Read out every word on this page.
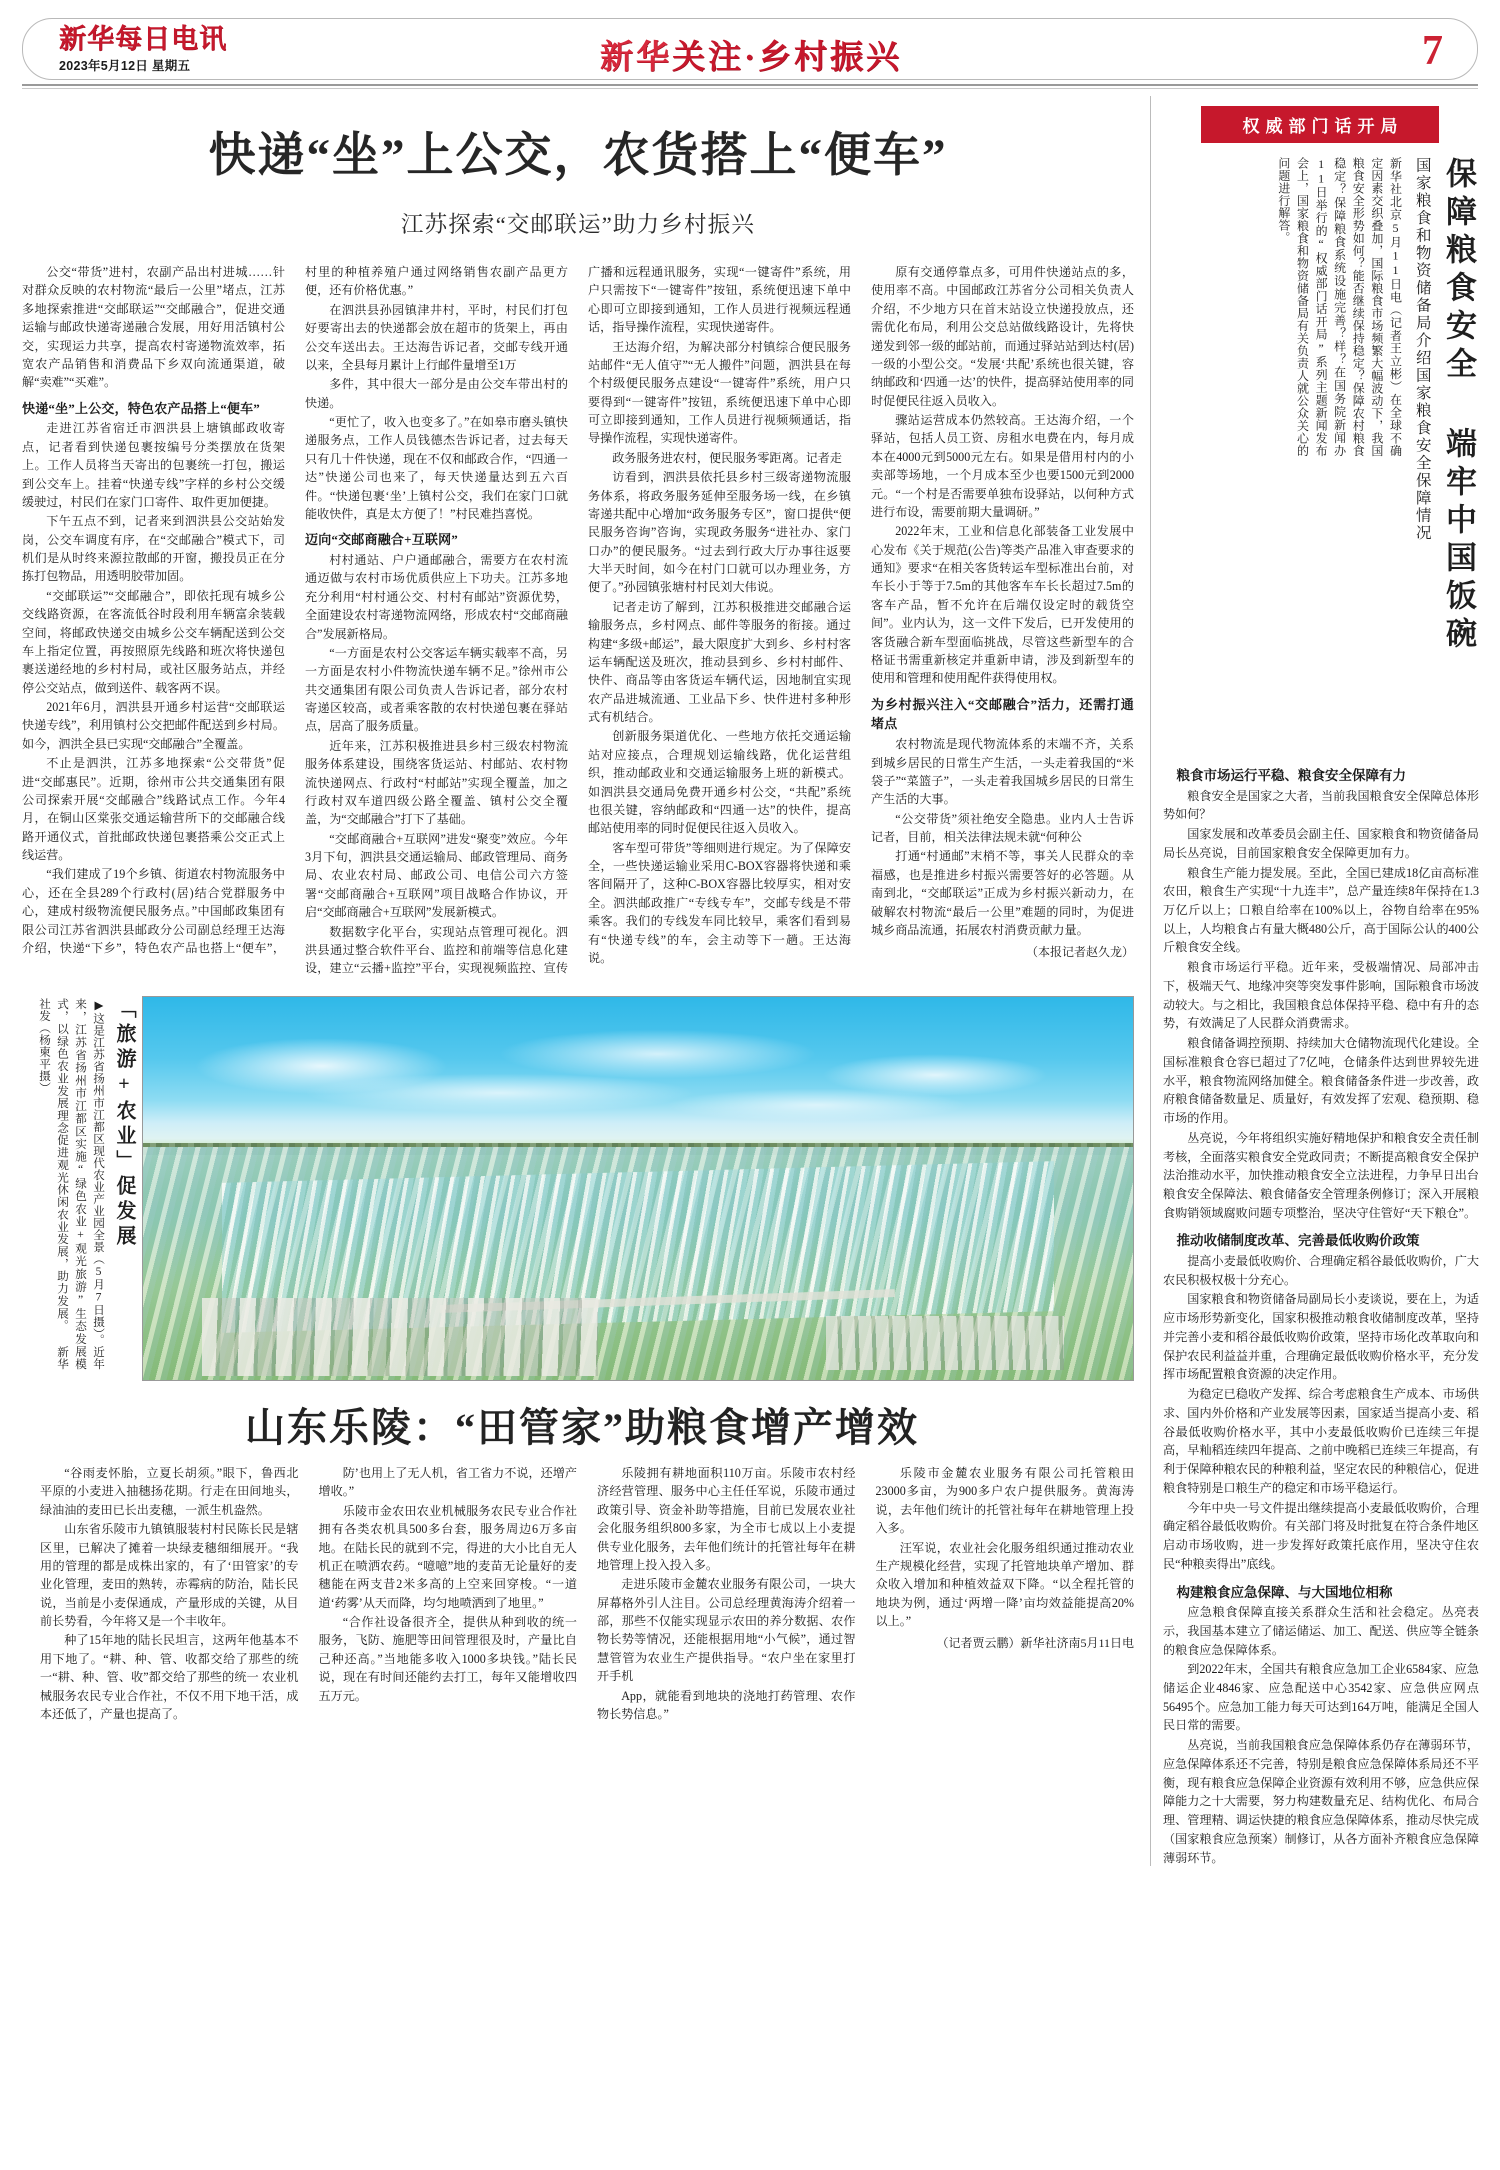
新华每日电讯
2023年5月12日 星期五	新华关注·乡村振兴	7
快递“坐”上公交，农货搭上“便车”
江苏探索“交邮联运”助力乡村振兴

公交“带货”进村，农副产品出村进城……针对群众反映的农村物流“最后一公里”堵点，江苏多地探索推进“交邮联运”“交邮融合”，促进交通运输与邮政快递寄递融合发展，用好用活镇村公交，实现运力共享，提高农村寄递物流效率，拓宽农产品销售和消费品下乡双向流通渠道，破解“卖难”“买难”。

快递“坐”上公交，特色农产品搭上“便车”

走进江苏省宿迁市泗洪县上塘镇邮政收寄点，记者看到快递包裹按编号分类摆放在货架上。工作人员将当天寄出的包裹统一打包，搬运到公交车上。挂着“快递专线”字样的乡村公交缓缓驶过，村民们在家门口寄件、取件更加便捷。

下午五点不到，记者来到泗洪县公交站始发岗，公交车调度有序，在“交邮融合”模式下，司机们是从时终来源拉散邮的开窗，搬投员正在分拣打包物品，用透明胶带加固。

“交邮联运”“交邮融合”，即依托现有城乡公交线路资源，在客流低谷时段利用车辆富余装载空间，将邮政快递交由城乡公交车辆配送到公交车上指定位置，再按照原先线路和班次将快递包裹送递经地的乡村村局，或社区服务站点，并经停公交站点，做到送件、载客两不误。

2021年6月，泗洪县开通乡村运营“交邮联运快递专线”，利用镇村公交把邮件配送到乡村局。如今，泗洪全县已实现“交邮融合”全覆盖。

不止是泗洪，江苏多地探索“公交带货”促进“交邮惠民”。近期，徐州市公共交通集团有限公司探索开展“交邮融合”线路试点工作。今年4月，在铜山区棠张交通运输营所下的交邮融合线路开通仪式，首批邮政快递包裹搭乘公交正式上线运营。

“我们建成了19个乡镇、街道农村物流服务中心，还在全县289个行政村(居)结合党群服务中心，建成村级物流便民服务点。”中国邮政集团有限公司江苏省泗洪县邮政分公司副总经理王达海介绍，快递“下乡”，特色农产品也搭上“便车”，村里的种植养殖户通过网络销售农副产品更方便，还有价格优惠。”

在泗洪县孙园镇津井村，平时，村民们打包好要寄出去的快递都会放在超市的货架上，再由公交车送出去。王达海告诉记者，交邮专线开通以来，全县每月累计上行邮件量增至1万

多件，其中很大一部分是由公交车带出村的快递。

“更忙了，收入也变多了。”在如皋市磨头镇快递服务点，工作人员钱德杰告诉记者，过去每天只有几十件快递，现在不仅和邮政合作，“四通一达”快递公司也来了，每天快递量达到五六百件。“快递包裹‘坐’上镇村公交，我们在家门口就能收快件，真是太方便了！”村民难挡喜悦。

迈向“交邮商融合+互联网”

村村通站、户户通邮融合，需要方在农村流通迈做与农村市场优质供应上下功夫。江苏多地充分利用“村村通公交、村村有邮站”资源优势，全面建设农村寄递物流网络，形成农村“交邮商融合”发展新格局。

“一方面是农村公交客运车辆实载率不高，另一方面是农村小件物流快递车辆不足。”徐州市公共交通集团有限公司负责人告诉记者，部分农村寄递区较高，或者乘客散的农村快递包裹在驿站点，居高了服务质量。

近年来，江苏积极推进县乡村三级农村物流服务体系建设，围绕客货运站、村邮站、农村物流快递网点、行政村“村邮站”实现全覆盖，加之行政村双车道四级公路全覆盖、镇村公交全覆盖，为“交邮融合”打下了基础。

“交邮商融合+互联网”进发“聚变”效应。今年3月下旬，泗洪县交通运输局、邮政管理局、商务局、农业农村局、邮政公司、电信公司六方签署“交邮商融合+互联网”项目战略合作协议，开启“交邮商融合+互联网”发展新模式。

数据数字化平台，实现站点管理可视化。泗洪县通过整合软件平台、监控和前端等信息化建设，建立“云播+监控”平台，实现视频监控、宣传广播和远程通讯服务，实现“一键寄件”系统，用户只需按下“一键寄件”按钮，系统便迅速下单中心即可立即接到通知，工作人员进行视频远程通话，指导操作流程，实现快递寄件。

王达海介绍，为解决部分村镇综合便民服务站邮件“无人值守”“无人搬件”问题，泗洪县在每个村级便民服务点建设“一键寄件”系统，用户只要得到“一键寄件”按钮，系统便迅速下单中心即可立即接到通知，工作人员进行视频频通话，指导操作流程，实现快递寄件。

政务服务进农村，便民服务零距离。记者走

访看到，泗洪县依托县乡村三级寄递物流服务体系，将政务服务延伸至服务场一线，在乡镇寄递共配中心增加“政务服务专区”，窗口提供“便民服务咨询”咨询，实现政务服务“进社办、家门口办”的便民服务。“过去到行政大厅办事往返要大半天时间，如今在村门口就可以办理业务，方便了。”孙园镇张塘村村民刘大伟说。

记者走访了解到，江苏积极推进交邮融合运输服务点，乡村网点、邮件等服务的衔接。通过构建“多级+邮运”，最大限度扩大到乡、乡村村客运车辆配送及班次，推动县到乡、乡村村邮件、快件、商品等由客货运车辆代运，因地制宜实现农产品进城流通、工业品下乡、快件进村多种形式有机结合。

创新服务渠道优化、一些地方依托交通运输站对应接点，合理规划运输线路，优化运营组织，推动邮政业和交通运输服务上班的新模式。如泗洪县交通局免费开通乡村公交，“共配”系统也很关键，容纳邮政和“四通一达”的快件，提高邮站使用率的同时促便民往返入员收入。

客车型可带货”等细则进行规定。为了保障安全，一些快递运输业采用C-BOX容器将快递和乘客间隔开了，这种C-BOX容器比较厚实，相对安全。泗洪邮政推广“专线专车”，交邮专线是不带乘客。我们的专线发车同比较早，乘客们看到易有“快递专线”的车，会主动等下一趟。王达海说。

原有交通停靠点多，可用件快递站点的多，使用率不高。中国邮政江苏省分公司相关负责人介绍，不少地方只在首末站设立快递投放点，还需优化布局，利用公交总站做线路设计，先将快递发到邻一级的邮站前，而通过驿站站到达村(居)一级的小型公交。“发展‘共配’系统也很关键，容纳邮政和‘四通一达’的快件，提高驿站使用率的同时促便民往返入员收入。

骤站运营成本仍然较高。王达海介绍，一个驿站，包括人员工资、房租水电费在内，每月成本在4000元到5000元左右。如果是借用村内的小卖部等场地，一个月成本至少也要1500元到2000元。“一个村是否需要单独布设驿站，以何种方式进行布设，需要前期大量调研。”

2022年末，工业和信息化部装备工业发展中心发布《关于规范(公告)等类产品准入审查要求的通知》要求“在相关客货转运车型标准出台前，对车长小于等于7.5m的其他客车车长长超过7.5m的客车产品，暂不允许在后端仅设定时的载货空间”。业内认为，这一文件下发后，已开发使用的客货融合新车型面临挑战，尽管这些新型车的合格证书需重新核定并重新申请，涉及到新型车的使用和管理和使用配件获得使用权。

为乡村振兴注入“交邮融合”活力，还需打通堵点

农村物流是现代物流体系的末端不齐，关系到城乡居民的日常生产生活，一头走着我国的“米袋子”“菜篮子”，一头走着我国城乡居民的日常生产生活的大事。

“公交带货”须社绝安全隐患。业内人士告诉记者，目前，相关法律法规未就“何种公

打通“村通邮”末梢不等，事关人民群众的幸福感，也是推进乡村振兴需要答好的必答题。从南到北，“交邮联运”正成为乡村振兴新动力，在破解农村物流“最后一公里”难题的同时，为促进城乡商品流通，拓展农村消费贡献力量。

（本报记者赵久龙）

「旅游+农业」促发展
▶这是江苏省扬州市江都区现代农业产业园全景（5月7日摄）。近年来，江苏省扬州市江都区实施“绿色农业+观光旅游”生态发展模式，以绿色农业发展理念促进观光休闲农业发展，助力发展。 新华社发（杨柬平摄）
山东乐陵：“田管家”助粮食增产增效

“谷雨麦怀胎，立夏长胡须。”眼下，鲁西北平原的小麦进入抽穗扬花期。行走在田间地头，绿油油的麦田已长出麦穗，一派生机盎然。

山东省乐陵市九镇镇服装村村民陈长民是辖区里，已解决了摊着一块绿麦穗细细展开。“我用的管理的都是成株出家的，有了‘田管家’的专业化管理，麦田的熟转，赤霉病的防治，陆长民说，当前是小麦保通成，产量形成的关键，从目前长势看，今年将又是一个丰收年。

种了15年地的陆长民坦言，这两年他基本不用下地了。“耕、种、管、收都交给了那些的统一“耕、种、管、收”都交给了那些的统一 农业机械服务农民专业合作社，不仅不用下地干活，成本还低了，产量也提高了。

防’也用上了无人机，省工省力不说，还增产增收。”

乐陵市金农田农业机械服务农民专业合作社拥有各类农机具500多台套，服务周边6万多亩地。在陆长民的就到不完，得进的大小比自无人机正在喷洒农药。“噫噫”地的麦苗无论量好的麦穗能在两支昔2米多高的上空来回穿梭。“一道道‘药雾’从天而降，均匀地喷洒到了地里。”

“合作社设备很齐全，提供从种到收的统一服务，飞防、施肥等田间管理很及时，产量比自己种还高。”当地能多收入1000多块钱。”陆长民说，现在有时间还能约去打工，每年又能增收四五万元。

乐陵拥有耕地面积110万亩。乐陵市农村经济经营管理、服务中心主任任军说，乐陵市通过政策引导、资金补助等措施，目前已发展农业社会化服务组织800多家，为全市七成以上小麦提供专业化服务，去年他们统计的托管社每年在耕地管理上投入投入多。

走进乐陵市金麓农业服务有限公司，一块大屏幕格外引人注目。公司总经理黄海涛介绍着一部，那些不仅能实现显示农田的养分数据、农作物长势等情况，还能根据用地“小气候”，通过智慧管管为农业生产提供指导。“农户坐在家里打开手机

App，就能看到地块的浇地打药管理、农作物长势信息。”

乐陵市金麓农业服务有限公司托管粮田23000多亩，为900多户农户提供服务。黄海涛说，去年他们统计的托管社每年在耕地管理上投入多。

汪军说，农业社会化服务组织通过推动农业生产规模化经营，实现了托管地块单产增加、群众收入增加和种植效益双下降。“以全程托管的地块为例，通过‘两增一降’亩均效益能提高20%以上。”

（记者贾云鹏）新华社济南5月11日电

权威部门话开局
保障粮食安全 端牢中国饭碗
国家粮食和物资储备局介绍国家粮食安全保障情况
新华社北京5月11日电（记者王立彬）在全球不确定因素交织叠加，国际粮食市场频繁大幅波动下，我国粮食安全形势如何？能否继续保持稳定？保障农村粮食稳定？保障粮食系统设施完善？样？在国务院新闻办11日举行的“权威部门话开局”系列主题新闻发布会上，国家粮食和物资储备局有关负责人就公众关心的问题进行解答。

粮食市场运行平稳、粮食安全保障有力

粮食安全是国家之大者，当前我国粮食安全保障总体形势如何？

国家发展和改革委员会副主任、国家粮食和物资储备局局长丛亮说，目前国家粮食安全保障更加有力。

粮食生产能力提发展。至此，全国已建成18亿亩高标准农田，粮食生产实现“十九连丰”，总产量连续8年保持在1.3万亿斤以上；口粮自给率在100%以上，谷物自给率在95%以上，人均粮食占有量大概480公斤，高于国际公认的400公斤粮食安全线。

粮食市场运行平稳。近年来，受极端情况、局部冲击下，极端天气、地缘冲突等突发事件影响，国际粮食市场波动较大。与之相比，我国粮食总体保持平稳、稳中有升的态势，有效满足了人民群众消费需求。

粮食储备调控预期、持续加大仓储物流现代化建设。全国标准粮食仓容已超过了7亿吨，仓储条件达到世界较先进水平，粮食物流网络加健全。粮食储备条件进一步改善，政府粮食储备数量足、质量好，有效发挥了宏观、稳预期、稳市场的作用。

丛亮说，今年将组织实施好精地保护和粮食安全责任制考核，全面落实粮食安全党政同责；不断提高粮食安全保护法治推动水平，加快推动粮食安全立法进程，力争早日出台粮食安全保障法、粮食储备安全管理条例修订；深入开展粮食购销领域腐败问题专项整治，坚决守住管好“天下粮仓”。

推动收储制度改革、完善最低收购价政策

提高小麦最低收购价、合理确定稻谷最低收购价，广大农民积极权极十分充心。

国家粮食和物资储备局副局长小麦谈说，要在上，为适应市场形势新变化，国家积极推动粮食收储制度改革，坚持并完善小麦和稻谷最低收购价政策，坚持市场化改革取向和保护农民利益益并重，合理确定最低收购价格水平，充分发挥市场配置粮食资源的决定作用。

为稳定已稳收产发挥、综合考虑粮食生产成本、市场供求、国内外价格和产业发展等因素，国家适当提高小麦、稻谷最低收购价格水平，其中小麦最低收购价已连续三年提高，早籼稻连续四年提高、之前中晚稻已连续三年提高，有利于保障种粮农民的种粮利益，坚定农民的种粮信心，促进粮食特别是口粮生产的稳定和市场平稳运行。

今年中央一号文件提出继续提高小麦最低收购价，合理确定稻谷最低收购价。有关部门将及时批复在符合条件地区启动市场收购，进一步发挥好政策托底作用，坚决守住农民“种粮卖得出”底线。

构建粮食应急保障、与大国地位相称

应急粮食保障直接关系群众生活和社会稳定。丛亮表示，我国基本建立了储运储运、加工、配送、供应等全链条的粮食应急保障体系。

到2022年末，全国共有粮食应急加工企业6584家、应急储运企业4846家、应急配送中心3542家、应急供应网点56495个。应急加工能力每天可达到164万吨，能满足全国人民日常的需要。

丛亮说，当前我国粮食应急保障体系仍存在薄弱环节，应急保障体系还不完善，特别是粮食应急保障体系局还不平衡，现有粮食应急保障企业资源有效利用不够，应急供应保障能力之十大需要，努力构建数量充足、结构优化、布局合理、管理精、调运快捷的粮食应急保障体系，推动尽快完成（国家粮食应急预案）制修订，从各方面补齐粮食应急保障薄弱环节。
